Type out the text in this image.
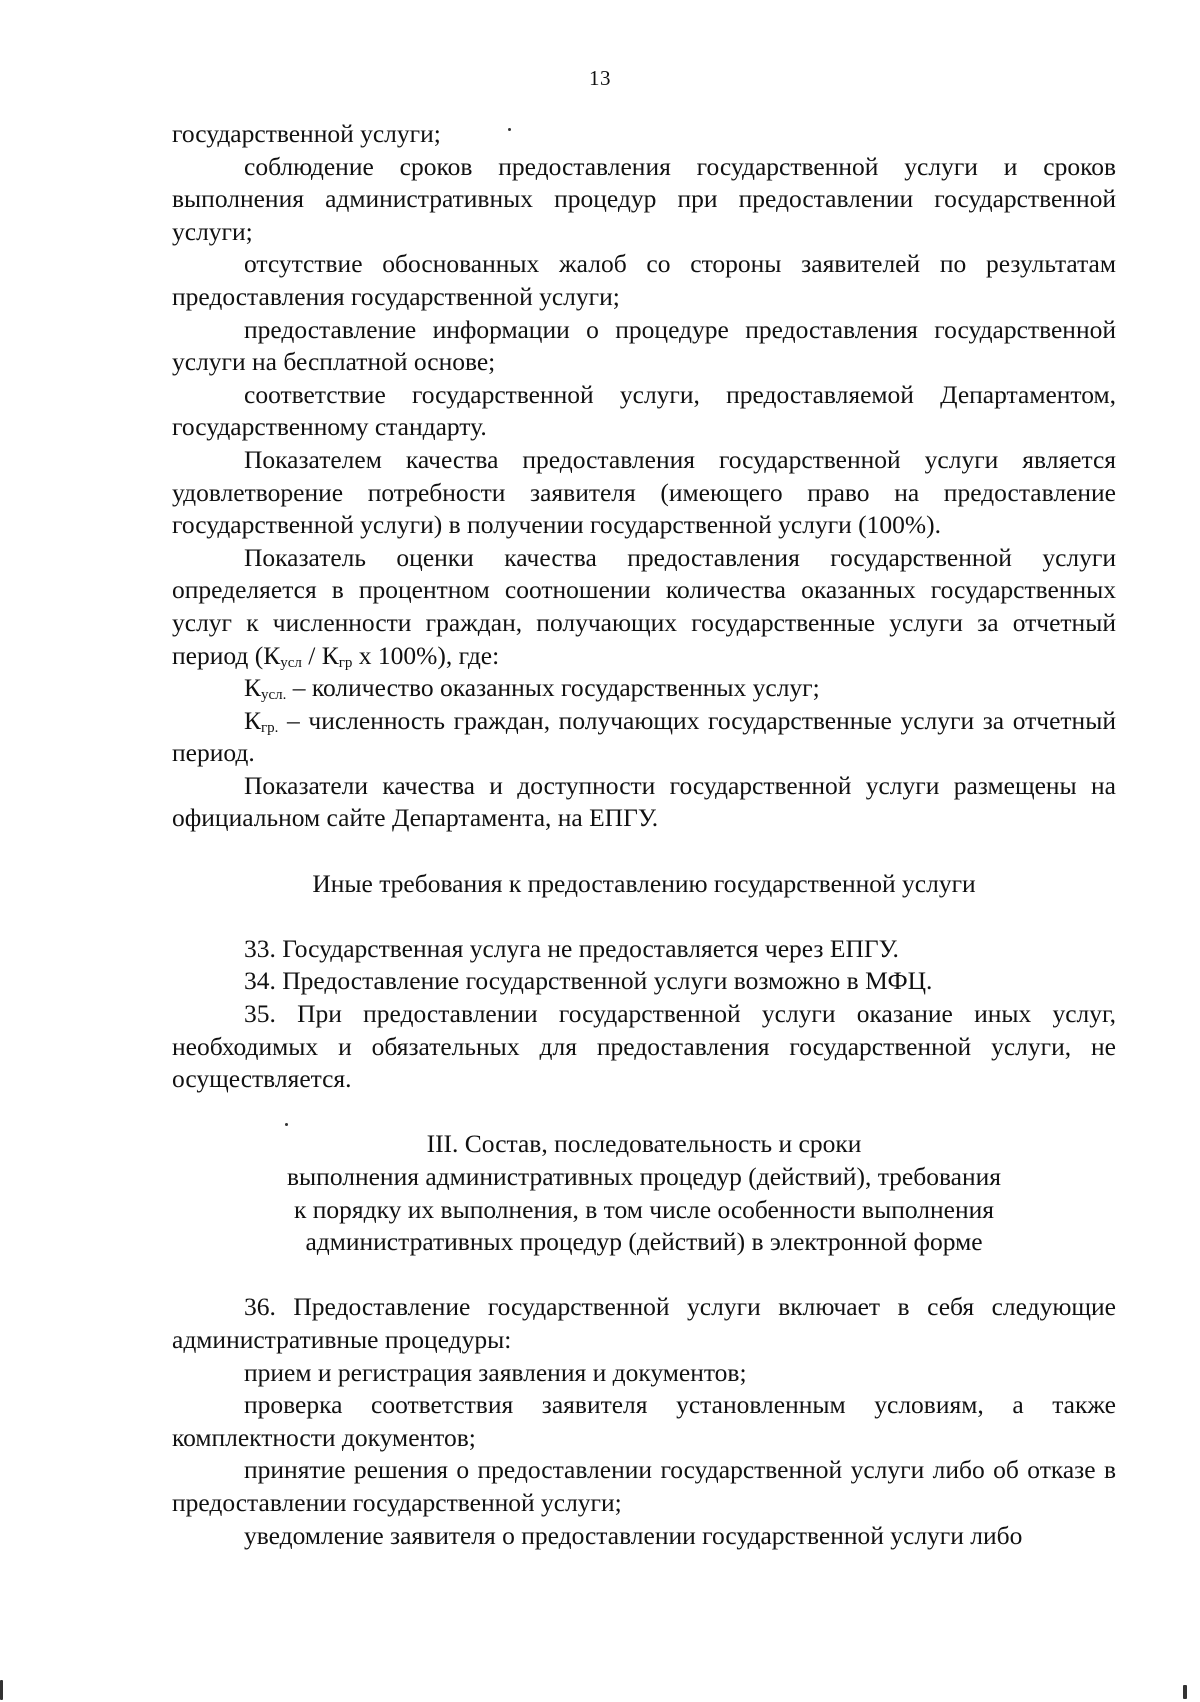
13

государственной услуги;

соблюдение сроков предоставления государственной услуги и сроков выполнения административных процедур при предоставлении государственной услуги;

отсутствие обоснованных жалоб со стороны заявителей по результатам предоставления государственной услуги;

предоставление информации о процедуре предоставления государственной услуги на бесплатной основе;

соответствие государственной услуги, предоставляемой Департаментом, государственному стандарту.

Показателем качества предоставления государственной услуги является удовлетворение потребности заявителя (имеющего право на предоставление государственной услуги) в получении государственной услуги (100%).

Показатель оценки качества предоставления государственной услуги определяется в процентном соотношении количества оказанных государственных услуг к численности граждан, получающих государственные услуги за отчетный период ($К_{усл} / К_{гр}$ x 100%), где:

$К_{усл.}$ – количество оказанных государственных услуг;

$К_{гр.}$ – численность граждан, получающих государственные услуги за отчетный период.

Показатели качества и доступности государственной услуги размещены на официальном сайте Департамента, на ЕПГУ.

Иные требования к предоставлению государственной услуги

33. Государственная услуга не предоставляется через ЕПГУ.

34. Предоставление государственной услуги возможно в МФЦ.

35. При предоставлении государственной услуги оказание иных услуг, необходимых и обязательных для предоставления государственной услуги, не осуществляется.

III. Состав, последовательность и сроки

выполнения административных процедур (действий), требования

к порядку их выполнения, в том числе особенности выполнения

административных процедур (действий) в электронной форме

36. Предоставление государственной услуги включает в себя следующие административные процедуры:

прием и регистрация заявления и документов;

проверка соответствия заявителя установленным условиям, а также комплектности документов;

принятие решения о предоставлении государственной услуги либо об отказе в предоставлении государственной услуги;

уведомление заявителя о предоставлении государственной услуги либо
